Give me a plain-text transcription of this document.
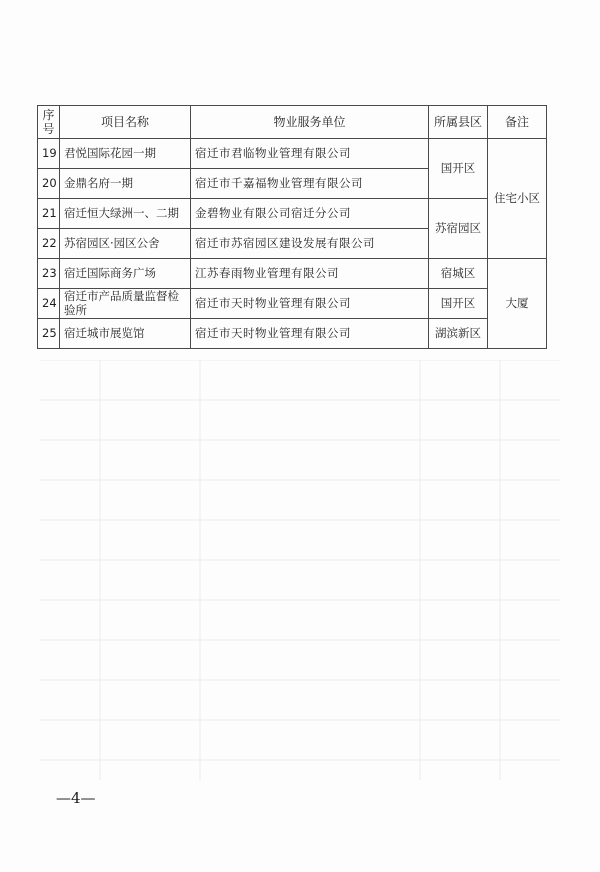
序号	项目名称	物业服务单位	所属县区	备注
19	君悦国际花园一期	宿迁市君临物业管理有限公司	国开区	住宅小区
20	金鼎名府一期	宿迁市千嘉福物业管理有限公司		
21	宿迁恒大绿洲一、二期	金碧物业有限公司宿迁分公司	苏宿园区	
22	苏宿园区·园区公舍	宿迁市苏宿园区建设发展有限公司		
23	宿迁国际商务广场	江苏春雨物业管理有限公司	宿城区	大厦
24	宿迁市产品质量监督检验所	宿迁市天时物业管理有限公司	国开区	
25	宿迁城市展览馆	宿迁市天时物业管理有限公司	湖滨新区	
—4—
